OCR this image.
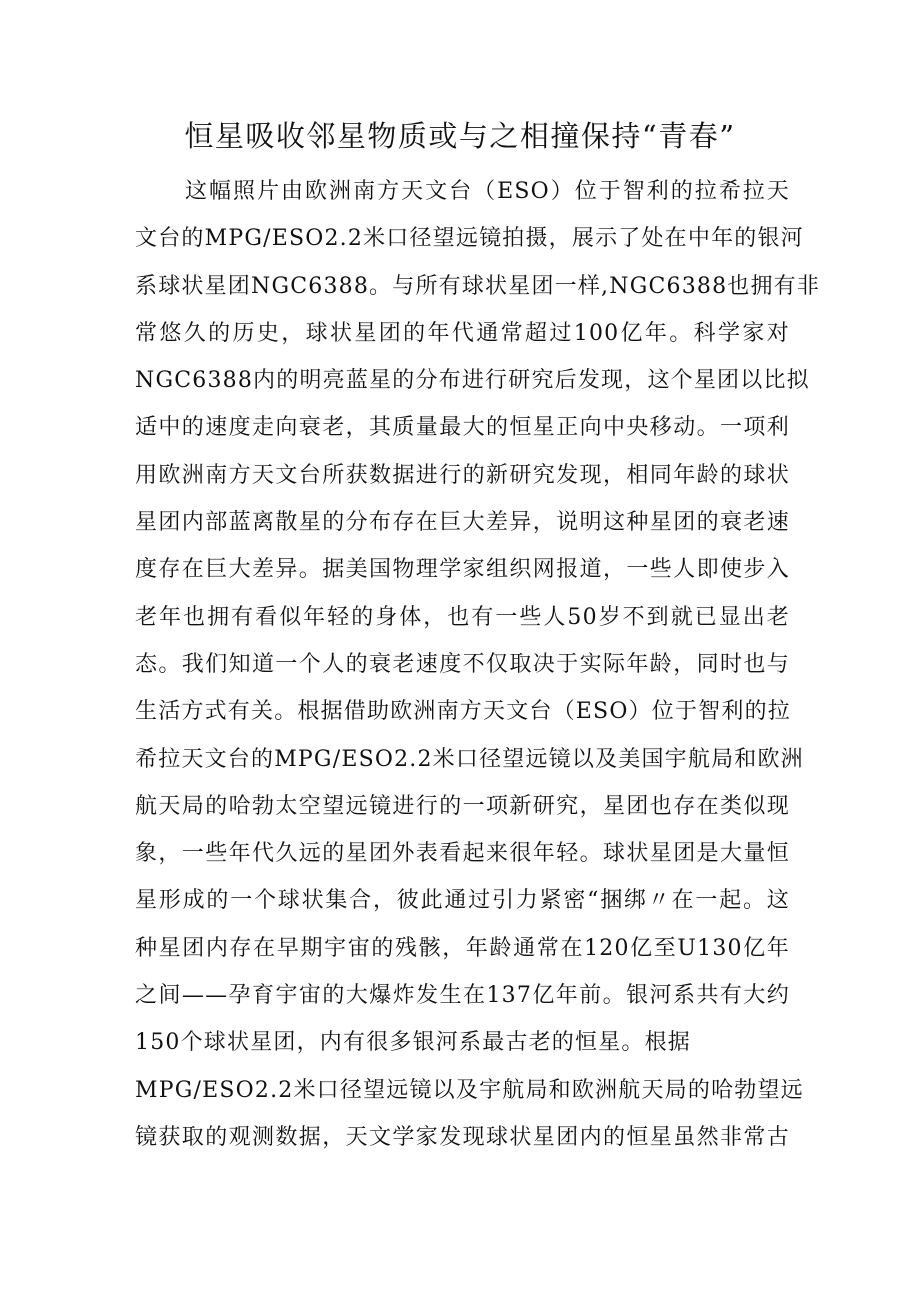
恒星吸收邻星物质或与之相撞保持“青春”
这幅照片由欧洲南方天文台（ESO）位于智利的拉希拉天
文台的MPG/ESO2.2米口径望远镜拍摄，展示了处在中年的银河
系球状星团NGC6388。与所有球状星团一样,NGC6388也拥有非
常悠久的历史，球状星团的年代通常超过100亿年。科学家对
NGC6388内的明亮蓝星的分布进行研究后发现，这个星团以比拟
适中的速度走向衰老，其质量最大的恒星正向中央移动。一项利
用欧洲南方天文台所获数据进行的新研究发现，相同年龄的球状
星团内部蓝离散星的分布存在巨大差异，说明这种星团的衰老速
度存在巨大差异。据美国物理学家组织网报道，一些人即使步入
老年也拥有看似年轻的身体，也有一些人50岁不到就已显出老
态。我们知道一个人的衰老速度不仅取决于实际年龄，同时也与
生活方式有关。根据借助欧洲南方天文台（ESO）位于智利的拉
希拉天文台的MPG/ESO2.2米口径望远镜以及美国宇航局和欧洲
航天局的哈勃太空望远镜进行的一项新研究，星团也存在类似现
象，一些年代久远的星团外表看起来很年轻。球状星团是大量恒
星形成的一个球状集合，彼此通过引力紧密“捆绑〃在一起。这
种星团内存在早期宇宙的残骸，年龄通常在120亿至U130亿年
之间——孕育宇宙的大爆炸发生在137亿年前。银河系共有大约
150个球状星团，内有很多银河系最古老的恒星。根据
MPG/ESO2.2米口径望远镜以及宇航局和欧洲航天局的哈勃望远
镜获取的观测数据，天文学家发现球状星团内的恒星虽然非常古
